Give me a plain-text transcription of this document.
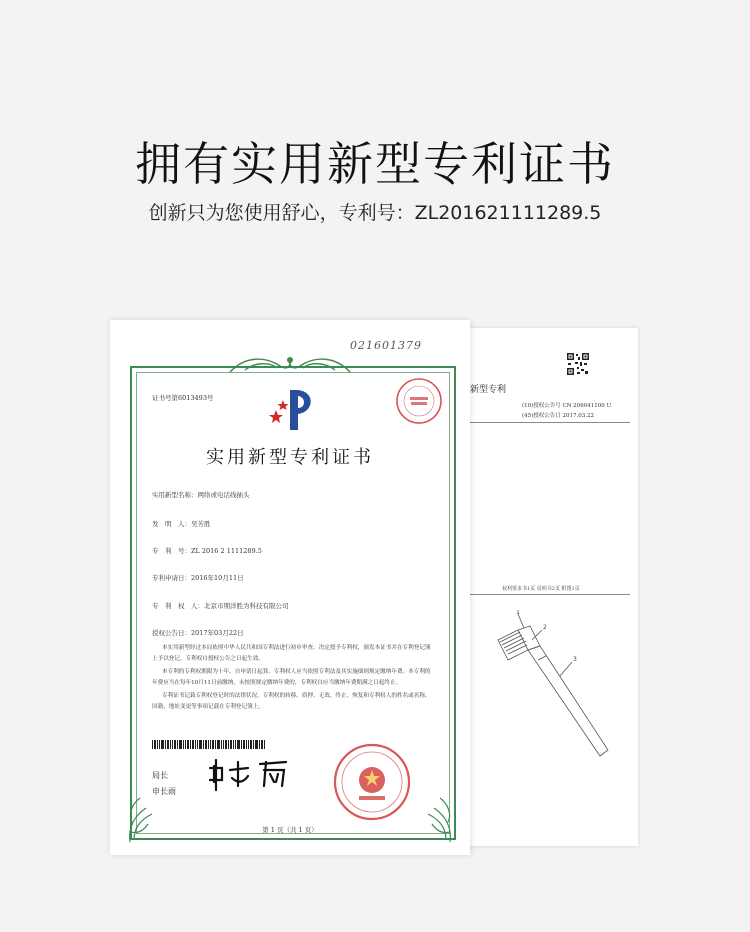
拥有实用新型专利证书
创新只为您使用舒心，专利号：ZL201621111289.5
新型专利
(10)授权公告号 CN 206041100 U
(45)授权公告日 2017.03.22
权利要求书1页 说明书2页 附图1页
1
2
3
021601379
证书号第6013493号
实用新型专利证书
实用新型名称：网络或电话线插头
发　明　人：吴芳胜
专　利　号：ZL 2016 2 1111289.5
专利申请日：2016年10月11日
专　利　权　人：北京市期洋胜为科技有限公司
授权公告日：2017年03月22日

本实用新型经过本局依照中华人民共和国专利法进行初步审查，决定授予专利权，颁发本证书并在专利登记簿上予以登记。专利权自授权公告之日起生效。

本专利的专利权期限为十年，自申请日起算。专利权人应当依照专利法及其实施细则规定缴纳年费。本专利的年费应当在每年10月11日前缴纳。未按照规定缴纳年费的，专利权自应当缴纳年费期满之日起终止。

专利证书记载专利权登记时的法律状况。专利权的转移、质押、无效、终止、恢复和专利权人的姓名或名称、国籍、地址变更等事项记载在专利登记簿上。

局长
申长雨
第 1 页（共 1 页）
